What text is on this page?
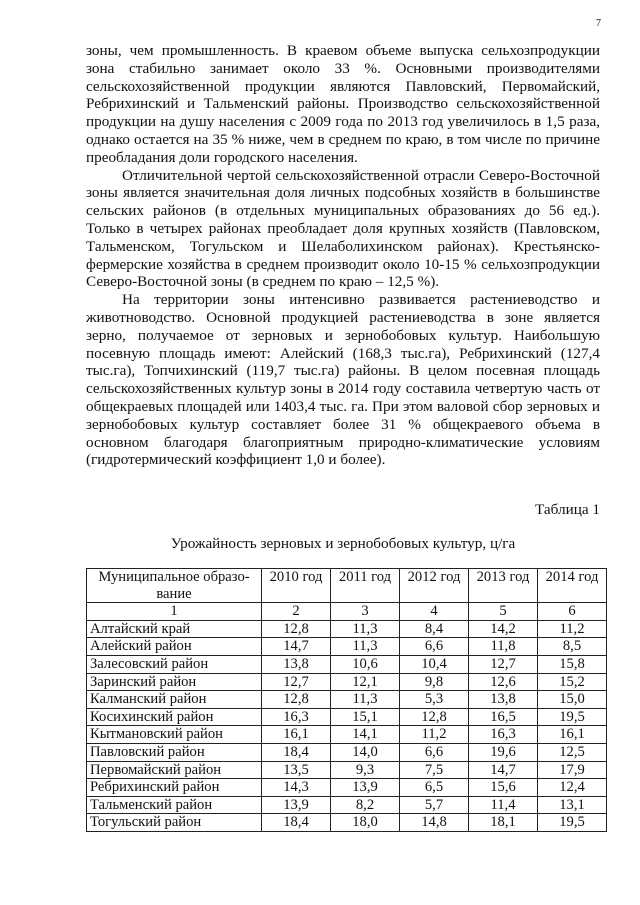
7

зоны, чем промышленность. В краевом объеме выпуска сельхозпродукции зона стабильно занимает около 33 %. Основными производителями сельскохозяйственной продукции являются Павловский, Первомайский, Ребрихинский и Тальменский районы. Производство сельскохозяйственной продукции на душу населения с 2009 года по 2013 год увеличилось в 1,5 раза, однако остается на 35 % ниже, чем в среднем по краю, в том числе по причине преобладания доли городского населения.

Отличительной чертой сельскохозяйственной отрасли Северо-Восточной зоны является значительная доля личных подсобных хозяйств в большинстве сельских районов (в отдельных муниципальных образованиях до 56 ед.). Только в четырех районах преобладает доля крупных хозяйств (Павловском, Тальменском, Тогульском и Шелаболихинском районах). Крестьянско-фермерские хозяйства в среднем производит около 10-15 % сельхозпродукции Северо-Восточной зоны (в среднем по краю – 12,5 %).

На территории зоны интенсивно развивается растениеводство и животноводство. Основной продукцией растениеводства в зоне является зерно, получаемое от зерновых и зернобобовых культур. Наибольшую посевную площадь имеют: Алейский (168,3 тыс.га), Ребрихинский (127,4 тыс.га), Топчихинский (119,7 тыс.га) районы. В целом посевная площадь сельскохозяйственных культур зоны в 2014 году составила четвертую часть от общекраевых площадей или 1403,4 тыс. га. При этом валовой сбор зерновых и зернобобовых культур составляет более 31 % общекраевого объема в основном благодаря благоприятным природно-климатические условиям (гидротермический коэффициент 1,0 и более).

Таблица 1
Урожайность зерновых и зернобобовых культур, ц/га
Муниципальное образо-вание	2010 год	2011 год	2012 год	2013 год	2014 год
1	2	3	4	5	6
Алтайский край	12,8	11,3	8,4	14,2	11,2
Алейский район	14,7	11,3	6,6	11,8	8,5
Залесовский район	13,8	10,6	10,4	12,7	15,8
Заринский район	12,7	12,1	9,8	12,6	15,2
Калманский район	12,8	11,3	5,3	13,8	15,0
Косихинский район	16,3	15,1	12,8	16,5	19,5
Кытмановский район	16,1	14,1	11,2	16,3	16,1
Павловский район	18,4	14,0	6,6	19,6	12,5
Первомайский район	13,5	9,3	7,5	14,7	17,9
Ребрихинский район	14,3	13,9	6,5	15,6	12,4
Тальменский район	13,9	8,2	5,7	11,4	13,1
Тогульский район	18,4	18,0	14,8	18,1	19,5
